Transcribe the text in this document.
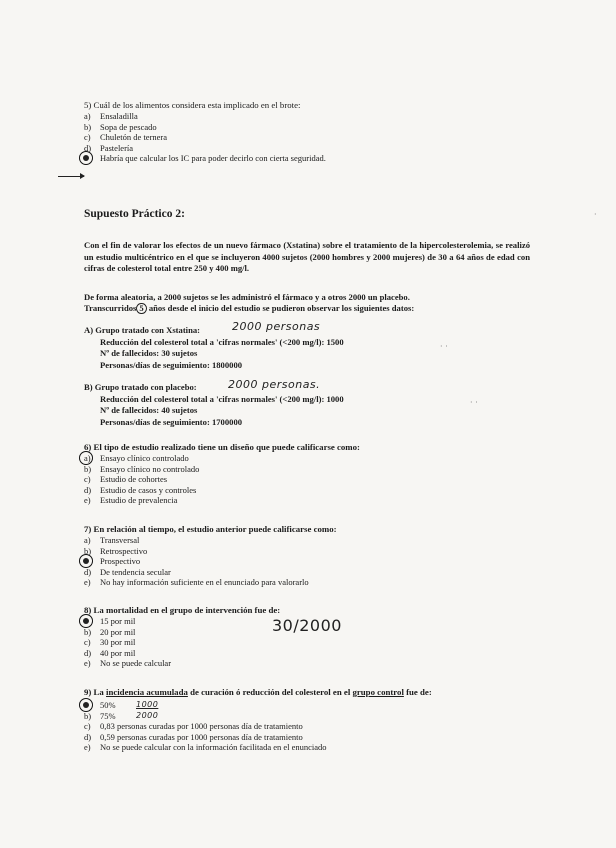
5) Cuál de los alimentos considera esta implicado en el brote:
a)	Ensaladilla
b)	Sopa de pescado
c)	Chuletón de ternera
d)	Pastelería
Habría que calcular los IC para poder decirlo con cierta seguridad.
Supuesto Práctico 2:
Con el fin de valorar los efectos de un nuevo fármaco (Xstatina) sobre el tratamiento de la hipercolesterolemia, se realizó un estudio multicéntrico en el que se incluyeron 4000 sujetos (2000 hombres y 2000 mujeres) de 30 a 64 años de edad con cifras de colesterol total entre 250 y 400 mg/l.
De forma aleatoria, a 2000 sujetos se les administró el fármaco y a otros 2000 un placebo.
Transcurridos 5 años desde el inicio del estudio se pudieron observar los siguientes datos:
A) Grupo tratado con Xstatina:
Reducción del colesterol total a 'cifras normales' (<200 mg/l): 1500
Nº de fallecidos: 30 sujetos
Personas/días de seguimiento: 1800000
2000 personas
B) Grupo tratado con placebo:
Reducción del colesterol total a 'cifras normales' (<200 mg/l): 1000
Nº de fallecidos: 40 sujetos
Personas/días de seguimiento: 1700000
2000 personas.
6) El tipo de estudio realizado tiene un diseño que puede calificarse como:
a)	Ensayo clínico controlado
b)	Ensayo clínico no controlado
c)	Estudio de cohortes
d)	Estudio de casos y controles
e)	Estudio de prevalencia
7) En relación al tiempo, el estudio anterior puede calificarse como:
a)	Transversal
b)	Retrospectivo
Prospectivo
d)	De tendencia secular
e)	No hay información suficiente en el enunciado para valorarlo
8) La mortalidad en el grupo de intervención fue de:
15 por mil
b)	20 por mil
c)	30 por mil
d)	40 por mil
e)	No se puede calcular
30/2000
9) La incidencia acumulada de curación ó reducción del colesterol en el grupo control fue de:
50%	1000
b)	75%	2000
c)	0,83 personas curadas por 1000 personas día de tratamiento
d)	0,59 personas curadas por 1000 personas día de tratamiento
e)	No se puede calcular con la información facilitada en el enunciado
· ·
· ·
·
